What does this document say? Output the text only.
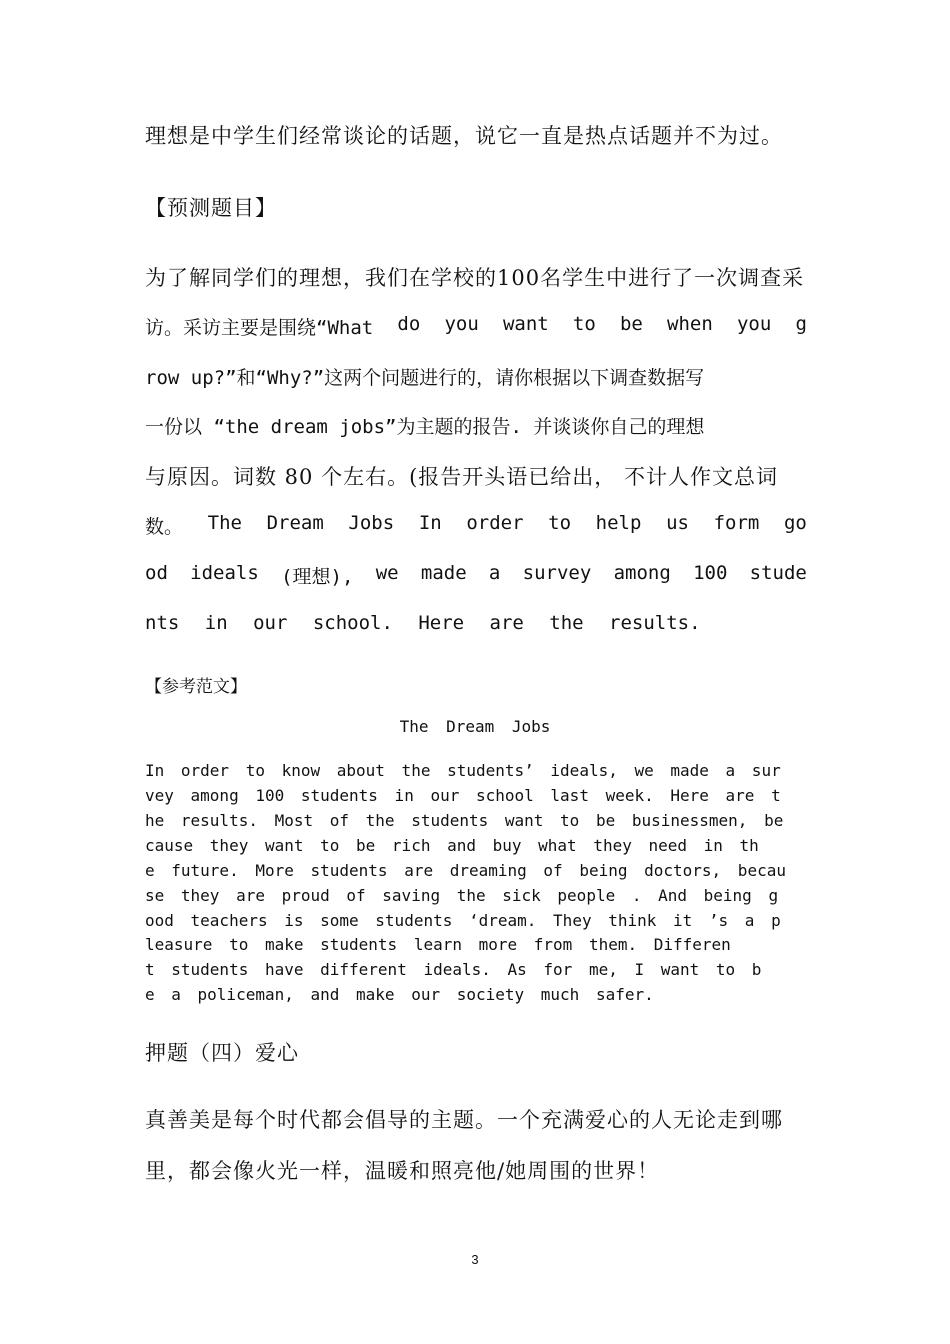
理想是中学生们经常谈论的话题，说它一直是热点话题并不为过。
【预测题目】
为了解同学们的理想，我们在学校的100名学生中进行了一次调查采
访。采访主要是围绕“What do you want to be when you g
row up?”和“Why?”这两个问题进行的，请你根据以下调查数据写
一份以 “the dream jobs”为主题的报告. 并谈谈你自己的理想
与原因。词数 80 个左右。(报告开头语已给出， 不计人作文总词
数。 The Dream Jobs In order to help us form go
od ideals (理想), we made a survey among 100 stude
nts in our school. Here are the results.
【参考范文】
The Dream Jobs
In order to know about the students’ ideals, we made a sur
vey among 100 students in our school last week. Here are t
he results. Most of the students want to be businessmen, be
cause they want to be rich and buy what they need in th
e future. More students are dreaming of being doctors, becau
se they are proud of saving the sick people . And being g
ood teachers is some students ‘dream. They think it ’s a p
leasure to make students learn more from them. Differen
t students have different ideals. As for me, I want to b
e a policeman, and make our society much safer.
押题（四）爱心
真善美是每个时代都会倡导的主题。一个充满爱心的人无论走到哪
里，都会像火光一样，温暖和照亮他/她周围的世界！
3
